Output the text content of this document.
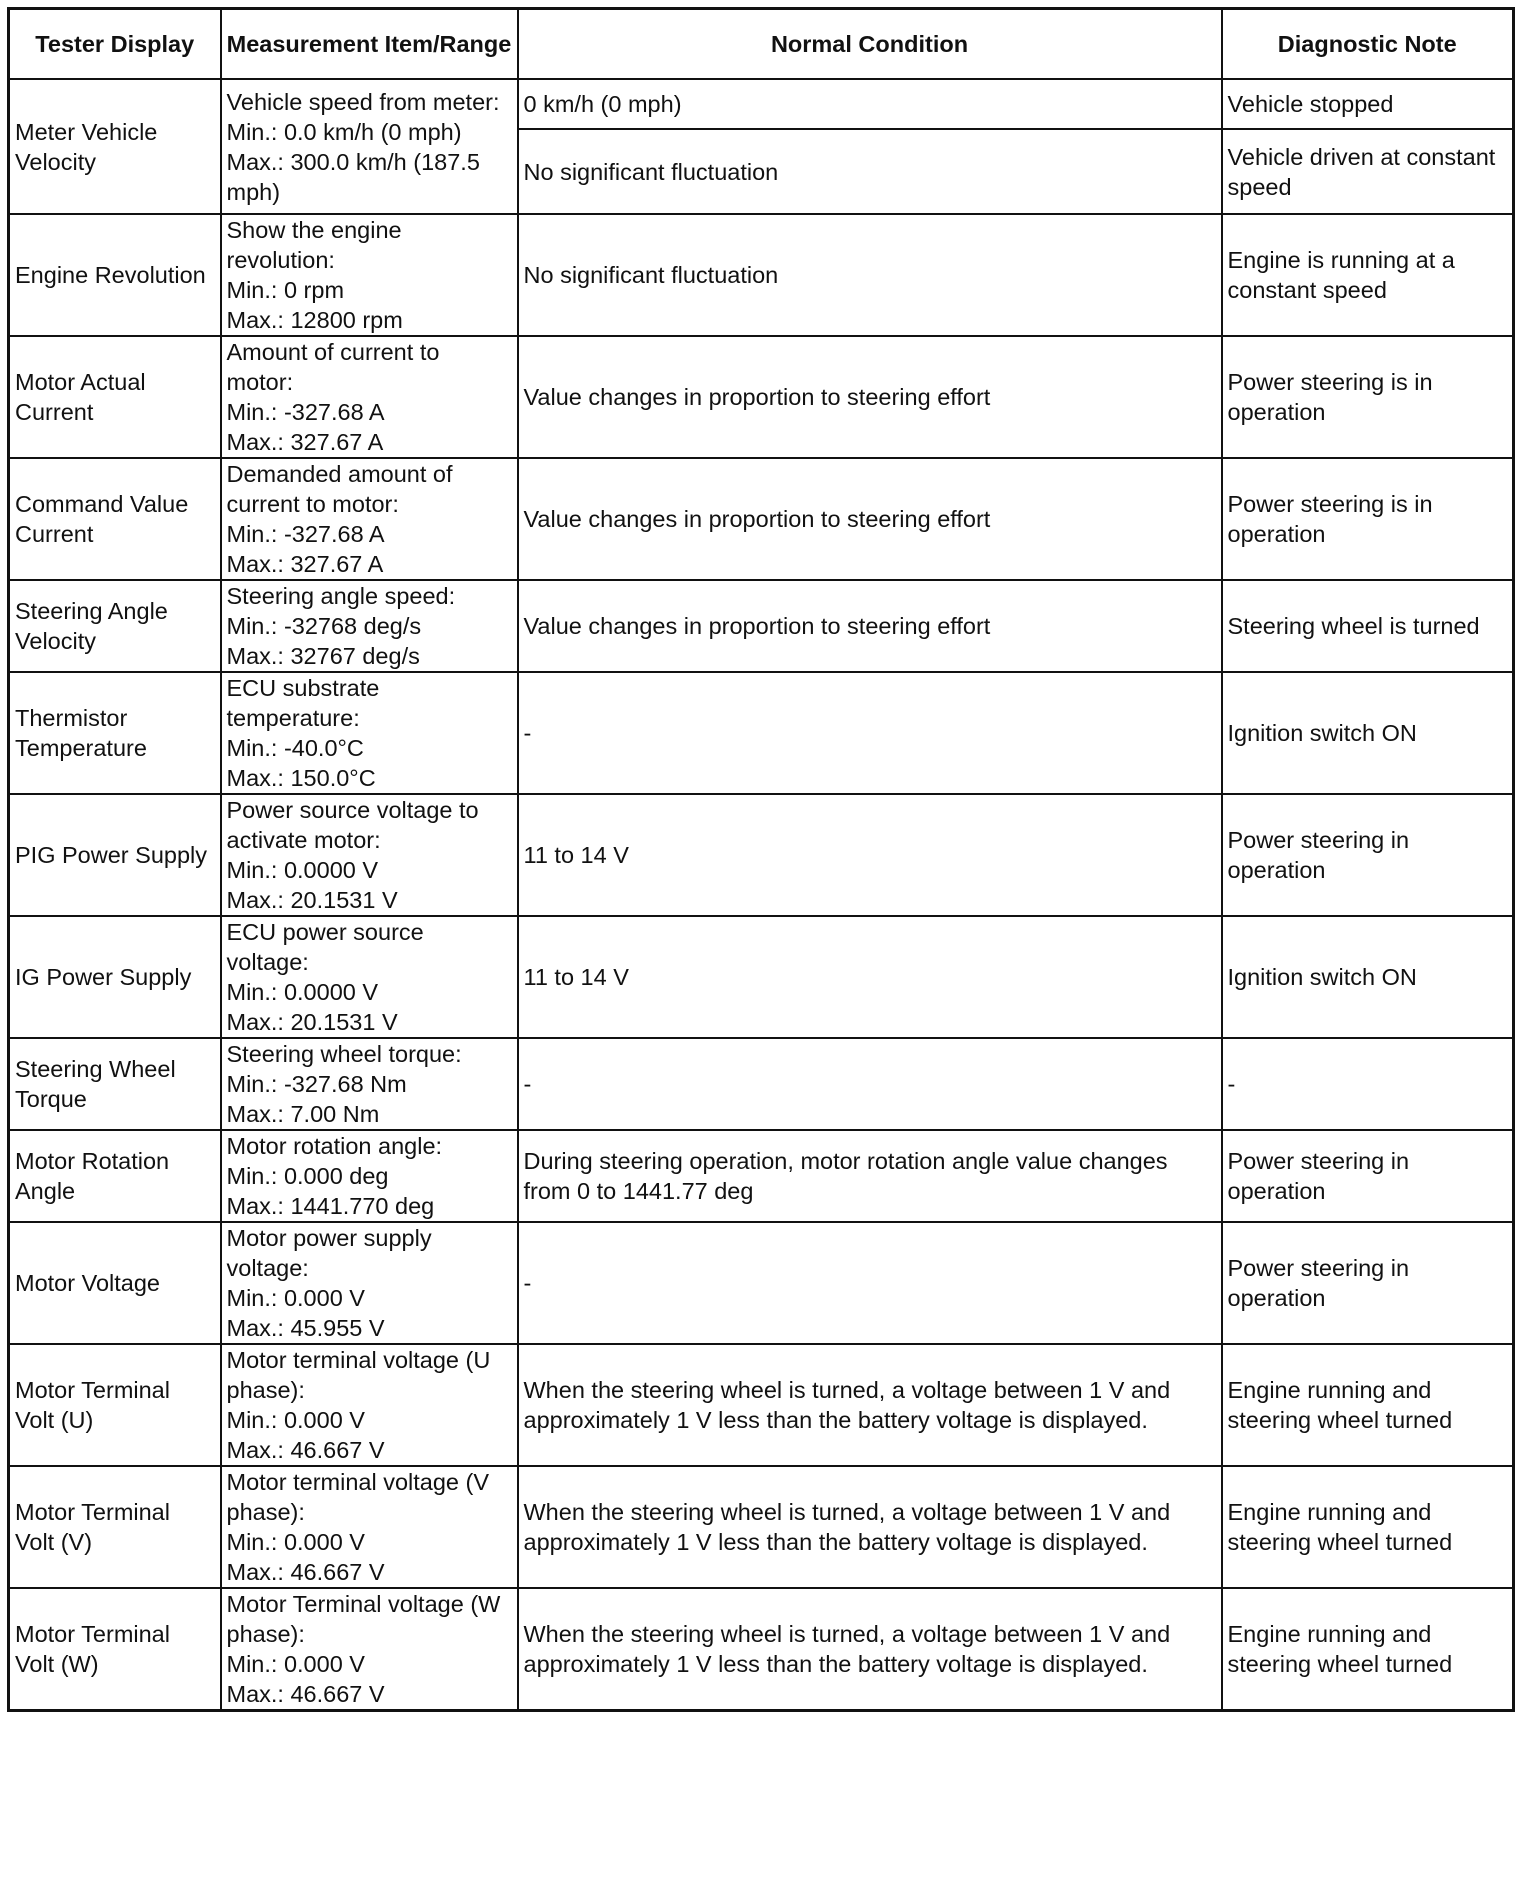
Tester Display	Measurement Item/Range	Normal Condition	Diagnostic Note
Meter Vehicle Velocity	Vehicle speed from meter:
Min.: 0.0 km/h (0 mph)
Max.: 300.0 km/h (187.5 mph)	0 km/h (0 mph)	Vehicle stopped
		No significant fluctuation	Vehicle driven at constant speed
Engine Revolution	Show the engine revolution:
Min.: 0 rpm
Max.: 12800 rpm	No significant fluctuation	Engine is running at a constant speed
Motor Actual Current	Amount of current to motor:
Min.: -327.68 A
Max.: 327.67 A	Value changes in proportion to steering effort	Power steering is in operation
Command Value Current	Demanded amount of current to motor:
Min.: -327.68 A
Max.: 327.67 A	Value changes in proportion to steering effort	Power steering is in operation
Steering Angle Velocity	Steering angle speed:
Min.: -32768 deg/s
Max.: 32767 deg/s	Value changes in proportion to steering effort	Steering wheel is turned
Thermistor Temperature	ECU substrate temperature:
Min.: -40.0°C
Max.: 150.0°C	-	Ignition switch ON
PIG Power Supply	Power source voltage to activate motor:
Min.: 0.0000 V
Max.: 20.1531 V	11 to 14 V	Power steering in operation
IG Power Supply	ECU power source voltage:
Min.: 0.0000 V
Max.: 20.1531 V	11 to 14 V	Ignition switch ON
Steering Wheel Torque	Steering wheel torque:
Min.: -327.68 Nm
Max.: 7.00 Nm	-	-
Motor Rotation Angle	Motor rotation angle:
Min.: 0.000 deg
Max.: 1441.770 deg	During steering operation, motor rotation angle value changes from 0 to 1441.77 deg	Power steering in operation
Motor Voltage	Motor power supply voltage:
Min.: 0.000 V
Max.: 45.955 V	-	Power steering in operation
Motor Terminal Volt (U)	Motor terminal voltage (U phase):
Min.: 0.000 V
Max.: 46.667 V	When the steering wheel is turned, a voltage between 1 V and approximately 1 V less than the battery voltage is displayed.	Engine running and steering wheel turned
Motor Terminal Volt (V)	Motor terminal voltage (V phase):
Min.: 0.000 V
Max.: 46.667 V	When the steering wheel is turned, a voltage between 1 V and approximately 1 V less than the battery voltage is displayed.	Engine running and steering wheel turned
Motor Terminal Volt (W)	Motor Terminal voltage (W phase):
Min.: 0.000 V
Max.: 46.667 V	When the steering wheel is turned, a voltage between 1 V and approximately 1 V less than the battery voltage is displayed.	Engine running and steering wheel turned
